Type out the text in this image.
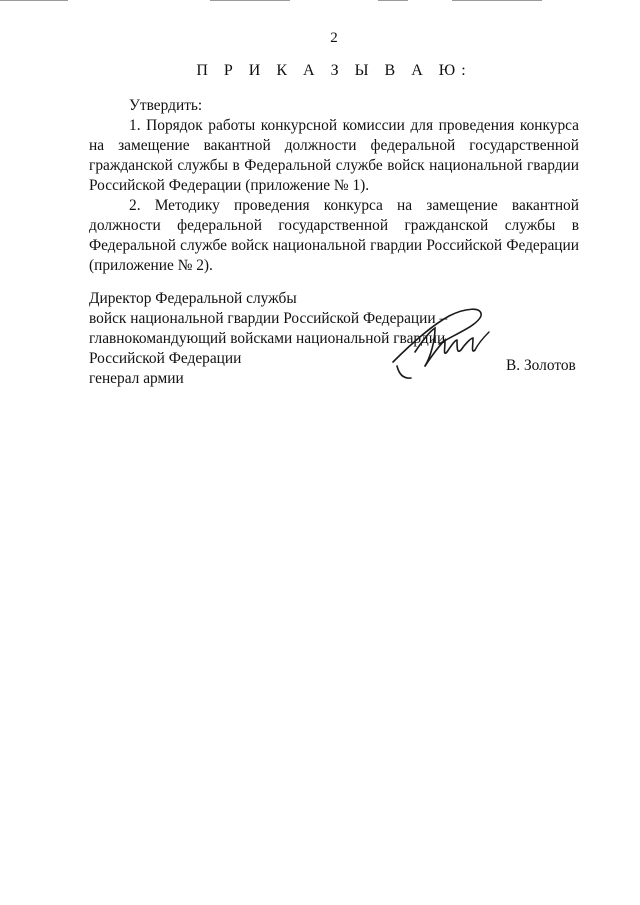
2
П Р И К А З Ы В А Ю:

Утвердить:

1. Порядок работы конкурсной комиссии для проведения конкурса на замещение вакантной должности федеральной государственной гражданской службы в Федеральной службе войск национальной гвардии Российской Федерации (приложение № 1).

2. Методику проведения конкурса на замещение вакантной должности федеральной государственной гражданской службы в Федеральной службе войск национальной гвардии Российской Федерации (приложение № 2).

Директор Федеральной службы
войск национальной гвардии Российской Федерации –
главнокомандующий войсками национальной гвардии
Российской Федерации
генерал армии
В. Золотов
